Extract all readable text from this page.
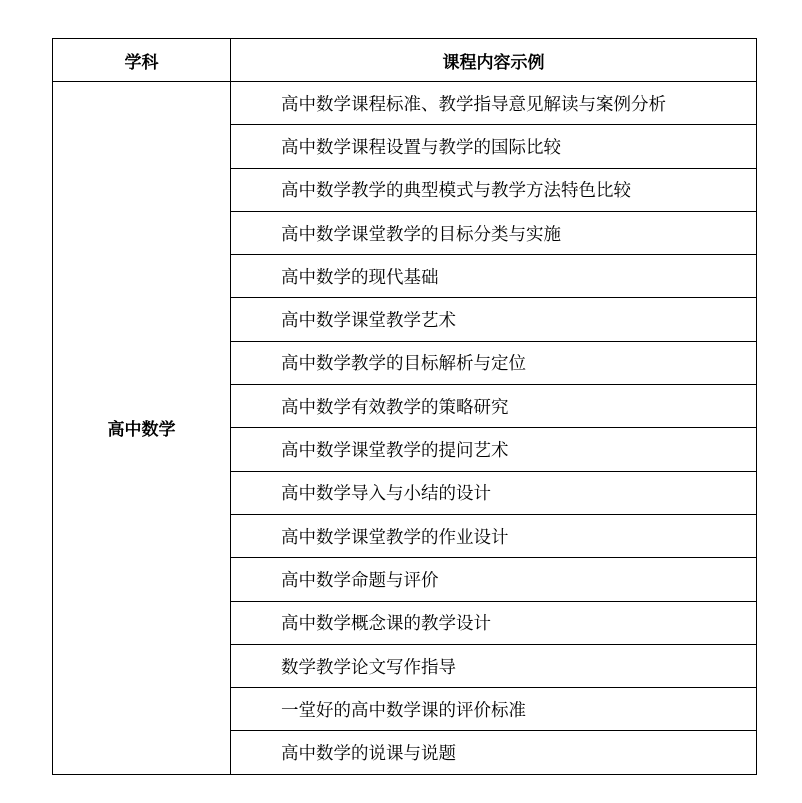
学科	课程内容示例
高中数学	高中数学课程标准、教学指导意见解读与案例分析
	高中数学课程设置与教学的国际比较
	高中数学教学的典型模式与教学方法特色比较
	高中数学课堂教学的目标分类与实施
	高中数学的现代基础
	高中数学课堂教学艺术
	高中数学教学的目标解析与定位
	高中数学有效教学的策略研究
	高中数学课堂教学的提问艺术
	高中数学导入与小结的设计
	高中数学课堂教学的作业设计
	高中数学命题与评价
	高中数学概念课的教学设计
	数学教学论文写作指导
	一堂好的高中数学课的评价标准
	高中数学的说课与说题
